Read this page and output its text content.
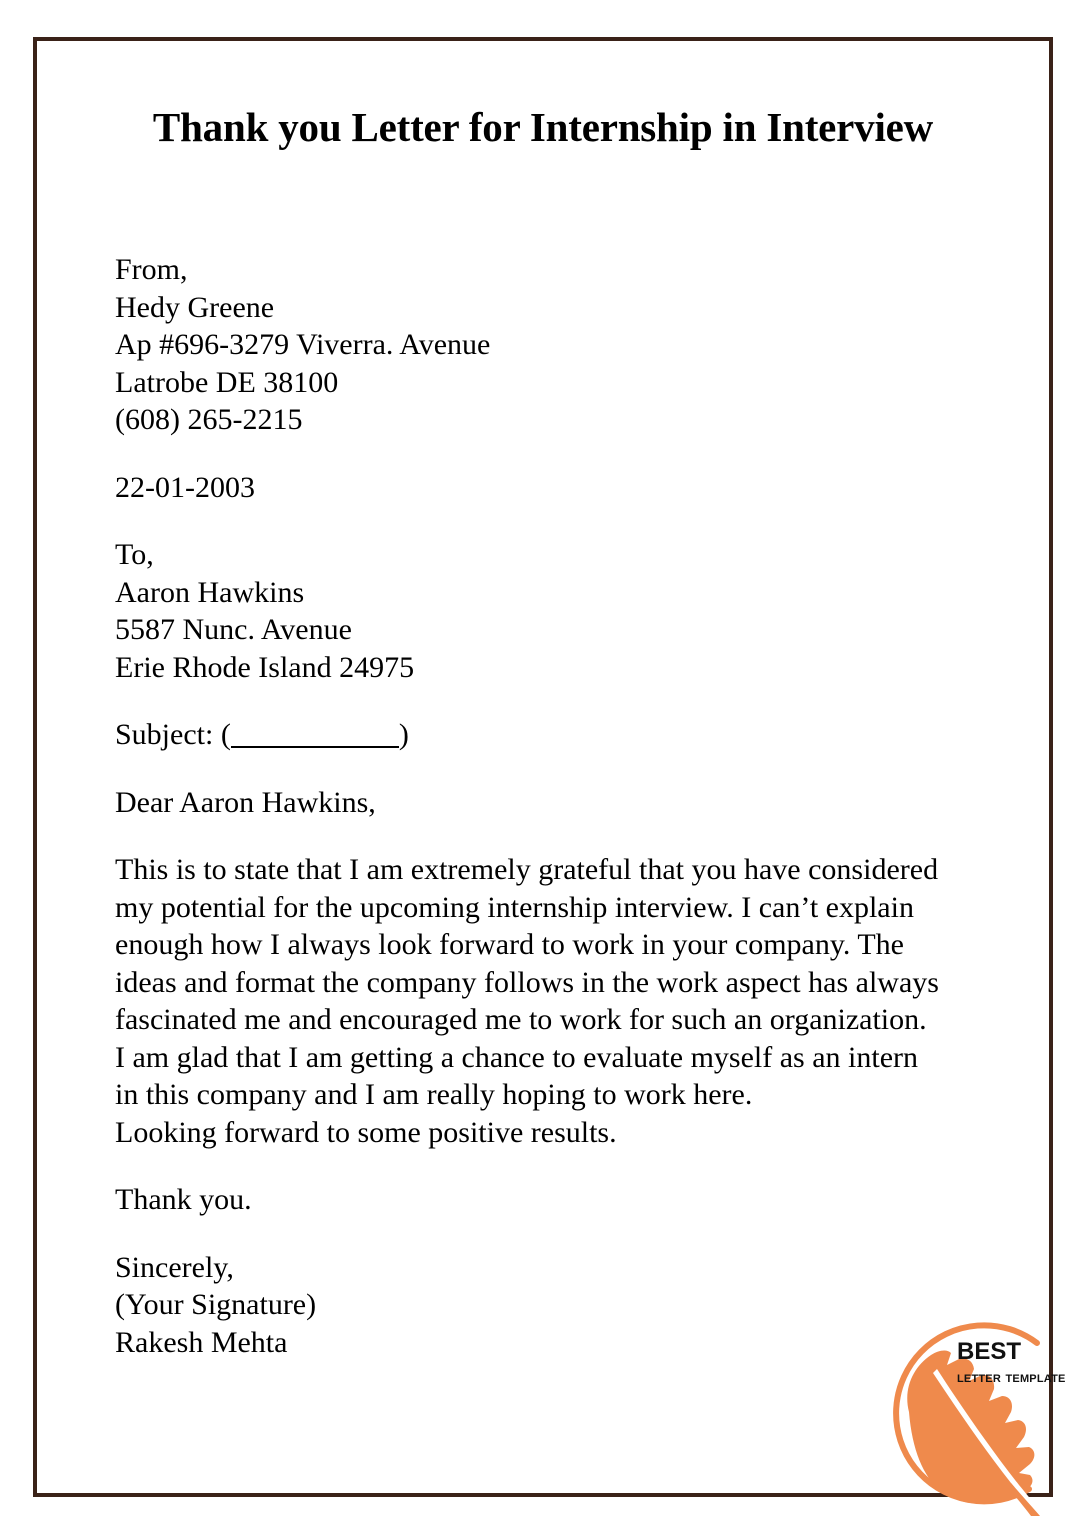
Thank you Letter for Internship in Interview
From,
Hedy Greene
Ap #696-3279 Viverra. Avenue
Latrobe DE 38100
(608) 265-2215
22-01-2003
To,
Aaron Hawkins
5587 Nunc. Avenue
Erie Rhode Island 24975
Subject: (	)
Dear Aaron Hawkins,
This is to state that I am extremely grateful that you have considered
my potential for the upcoming internship interview. I can’t explain
enough how I always look forward to work in your company. The
ideas and format the company follows in the work aspect has always
fascinated me and encouraged me to work for such an organization.
I am glad that I am getting a chance to evaluate myself as an intern
in this company and I am really hoping to work here.
Looking forward to some positive results.
Thank you.
Sincerely,
(Your Signature)
Rakesh Mehta	best
letter template
